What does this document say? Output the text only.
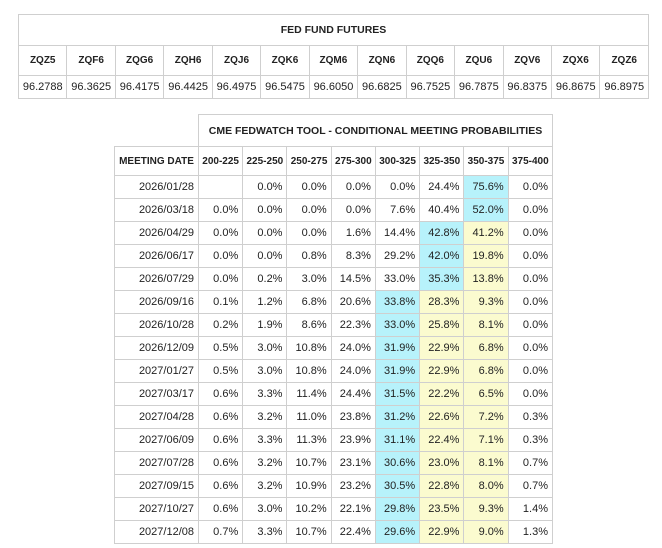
FED FUND FUTURES												
ZQZ5	ZQF6	ZQG6	ZQH6	ZQJ6	ZQK6	ZQM6	ZQN6	ZQQ6	ZQU6	ZQV6	ZQX6	ZQZ6
96.2788	96.3625	96.4175	96.4425	96.4975	96.5475	96.6050	96.6825	96.7525	96.7875	96.8375	96.8675	96.8975
	CME FEDWATCH TOOL - CONDITIONAL MEETING PROBABILITIES							
MEETING DATE	200-225	225-250	250-275	275-300	300-325	325-350	350-375	375-400
2026/01/28		0.0%	0.0%	0.0%	0.0%	24.4%	75.6%	0.0%
2026/03/18	0.0%	0.0%	0.0%	0.0%	7.6%	40.4%	52.0%	0.0%
2026/04/29	0.0%	0.0%	0.0%	1.6%	14.4%	42.8%	41.2%	0.0%
2026/06/17	0.0%	0.0%	0.8%	8.3%	29.2%	42.0%	19.8%	0.0%
2026/07/29	0.0%	0.2%	3.0%	14.5%	33.0%	35.3%	13.8%	0.0%
2026/09/16	0.1%	1.2%	6.8%	20.6%	33.8%	28.3%	9.3%	0.0%
2026/10/28	0.2%	1.9%	8.6%	22.3%	33.0%	25.8%	8.1%	0.0%
2026/12/09	0.5%	3.0%	10.8%	24.0%	31.9%	22.9%	6.8%	0.0%
2027/01/27	0.5%	3.0%	10.8%	24.0%	31.9%	22.9%	6.8%	0.0%
2027/03/17	0.6%	3.3%	11.4%	24.4%	31.5%	22.2%	6.5%	0.0%
2027/04/28	0.6%	3.2%	11.0%	23.8%	31.2%	22.6%	7.2%	0.3%
2027/06/09	0.6%	3.3%	11.3%	23.9%	31.1%	22.4%	7.1%	0.3%
2027/07/28	0.6%	3.2%	10.7%	23.1%	30.6%	23.0%	8.1%	0.7%
2027/09/15	0.6%	3.2%	10.9%	23.2%	30.5%	22.8%	8.0%	0.7%
2027/10/27	0.6%	3.0%	10.2%	22.1%	29.8%	23.5%	9.3%	1.4%
2027/12/08	0.7%	3.3%	10.7%	22.4%	29.6%	22.9%	9.0%	1.3%
